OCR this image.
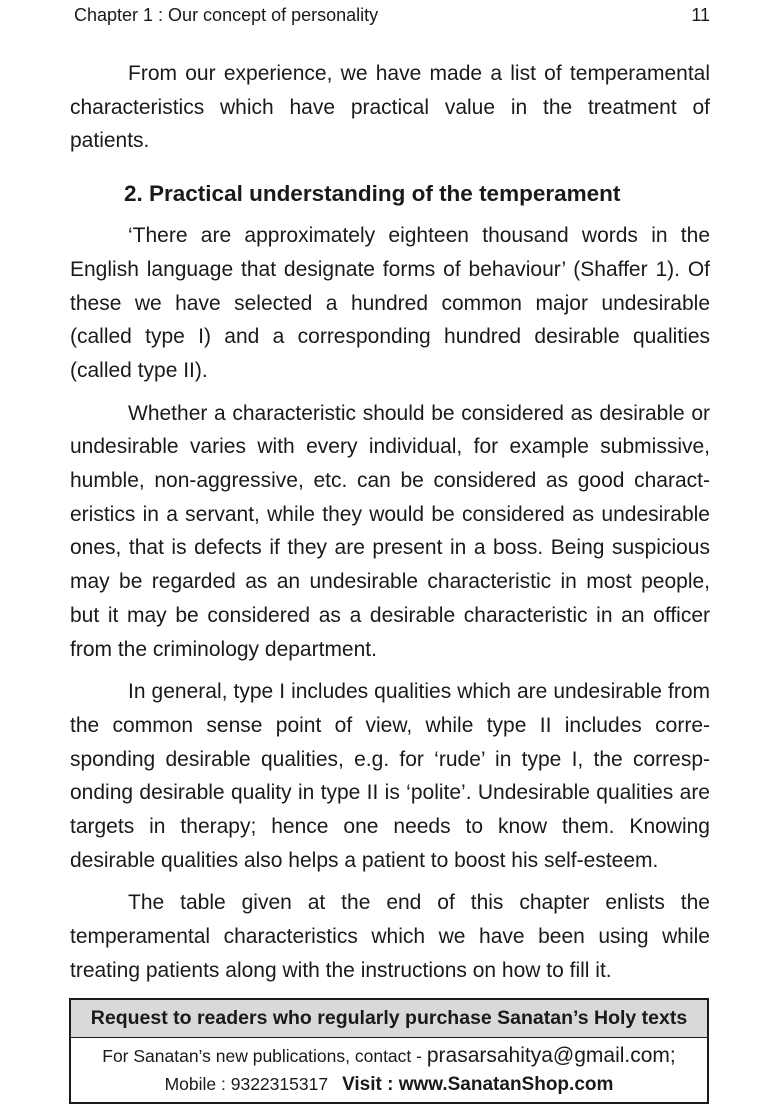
Chapter 1 : Our concept of personality	11

From our experience, we have made a list of temperamental characteristics which have practical value in the treatment of patients.

2. Practical understanding of the temperament

‘There are approximately eighteen thousand words in the English language that designate forms of behaviour’ (Shaffer 1). Of these we have selected a hundred common major undesirable (called type I) and a corresponding hundred desirable qualities (called type II).

Whether a characteristic should be considered as desirable or undesirable varies with every individual, for example submissive, humble, non-aggressive, etc. can be considered as good characteristics in a servant, while they would be considered as undesirable ones, that is defects if they are present in a boss. Being suspicious may be regarded as an undesirable characteristic in most people, but it may be considered as a desirable characteristic in an officer from the criminology department.

In general, type I includes qualities which are undesirable from the common sense point of view, while type II includes corresponding desirable qualities, e.g. for ‘rude’ in type I, the corresponding desirable quality in type II is ‘polite’. Undesirable qualities are targets in therapy; hence one needs to know them. Knowing desirable qualities also helps a patient to boost his self-esteem.

The table given at the end of this chapter enlists the temperamental characteristics which we have been using while treating patients along with the instructions on how to fill it.

Request to readers who regularly purchase Sanatan’s Holy texts
For Sanatan’s new publications, contact - prasarsahitya@gmail.com;
Mobile : 9322315317 Visit : www.SanatanShop.com
